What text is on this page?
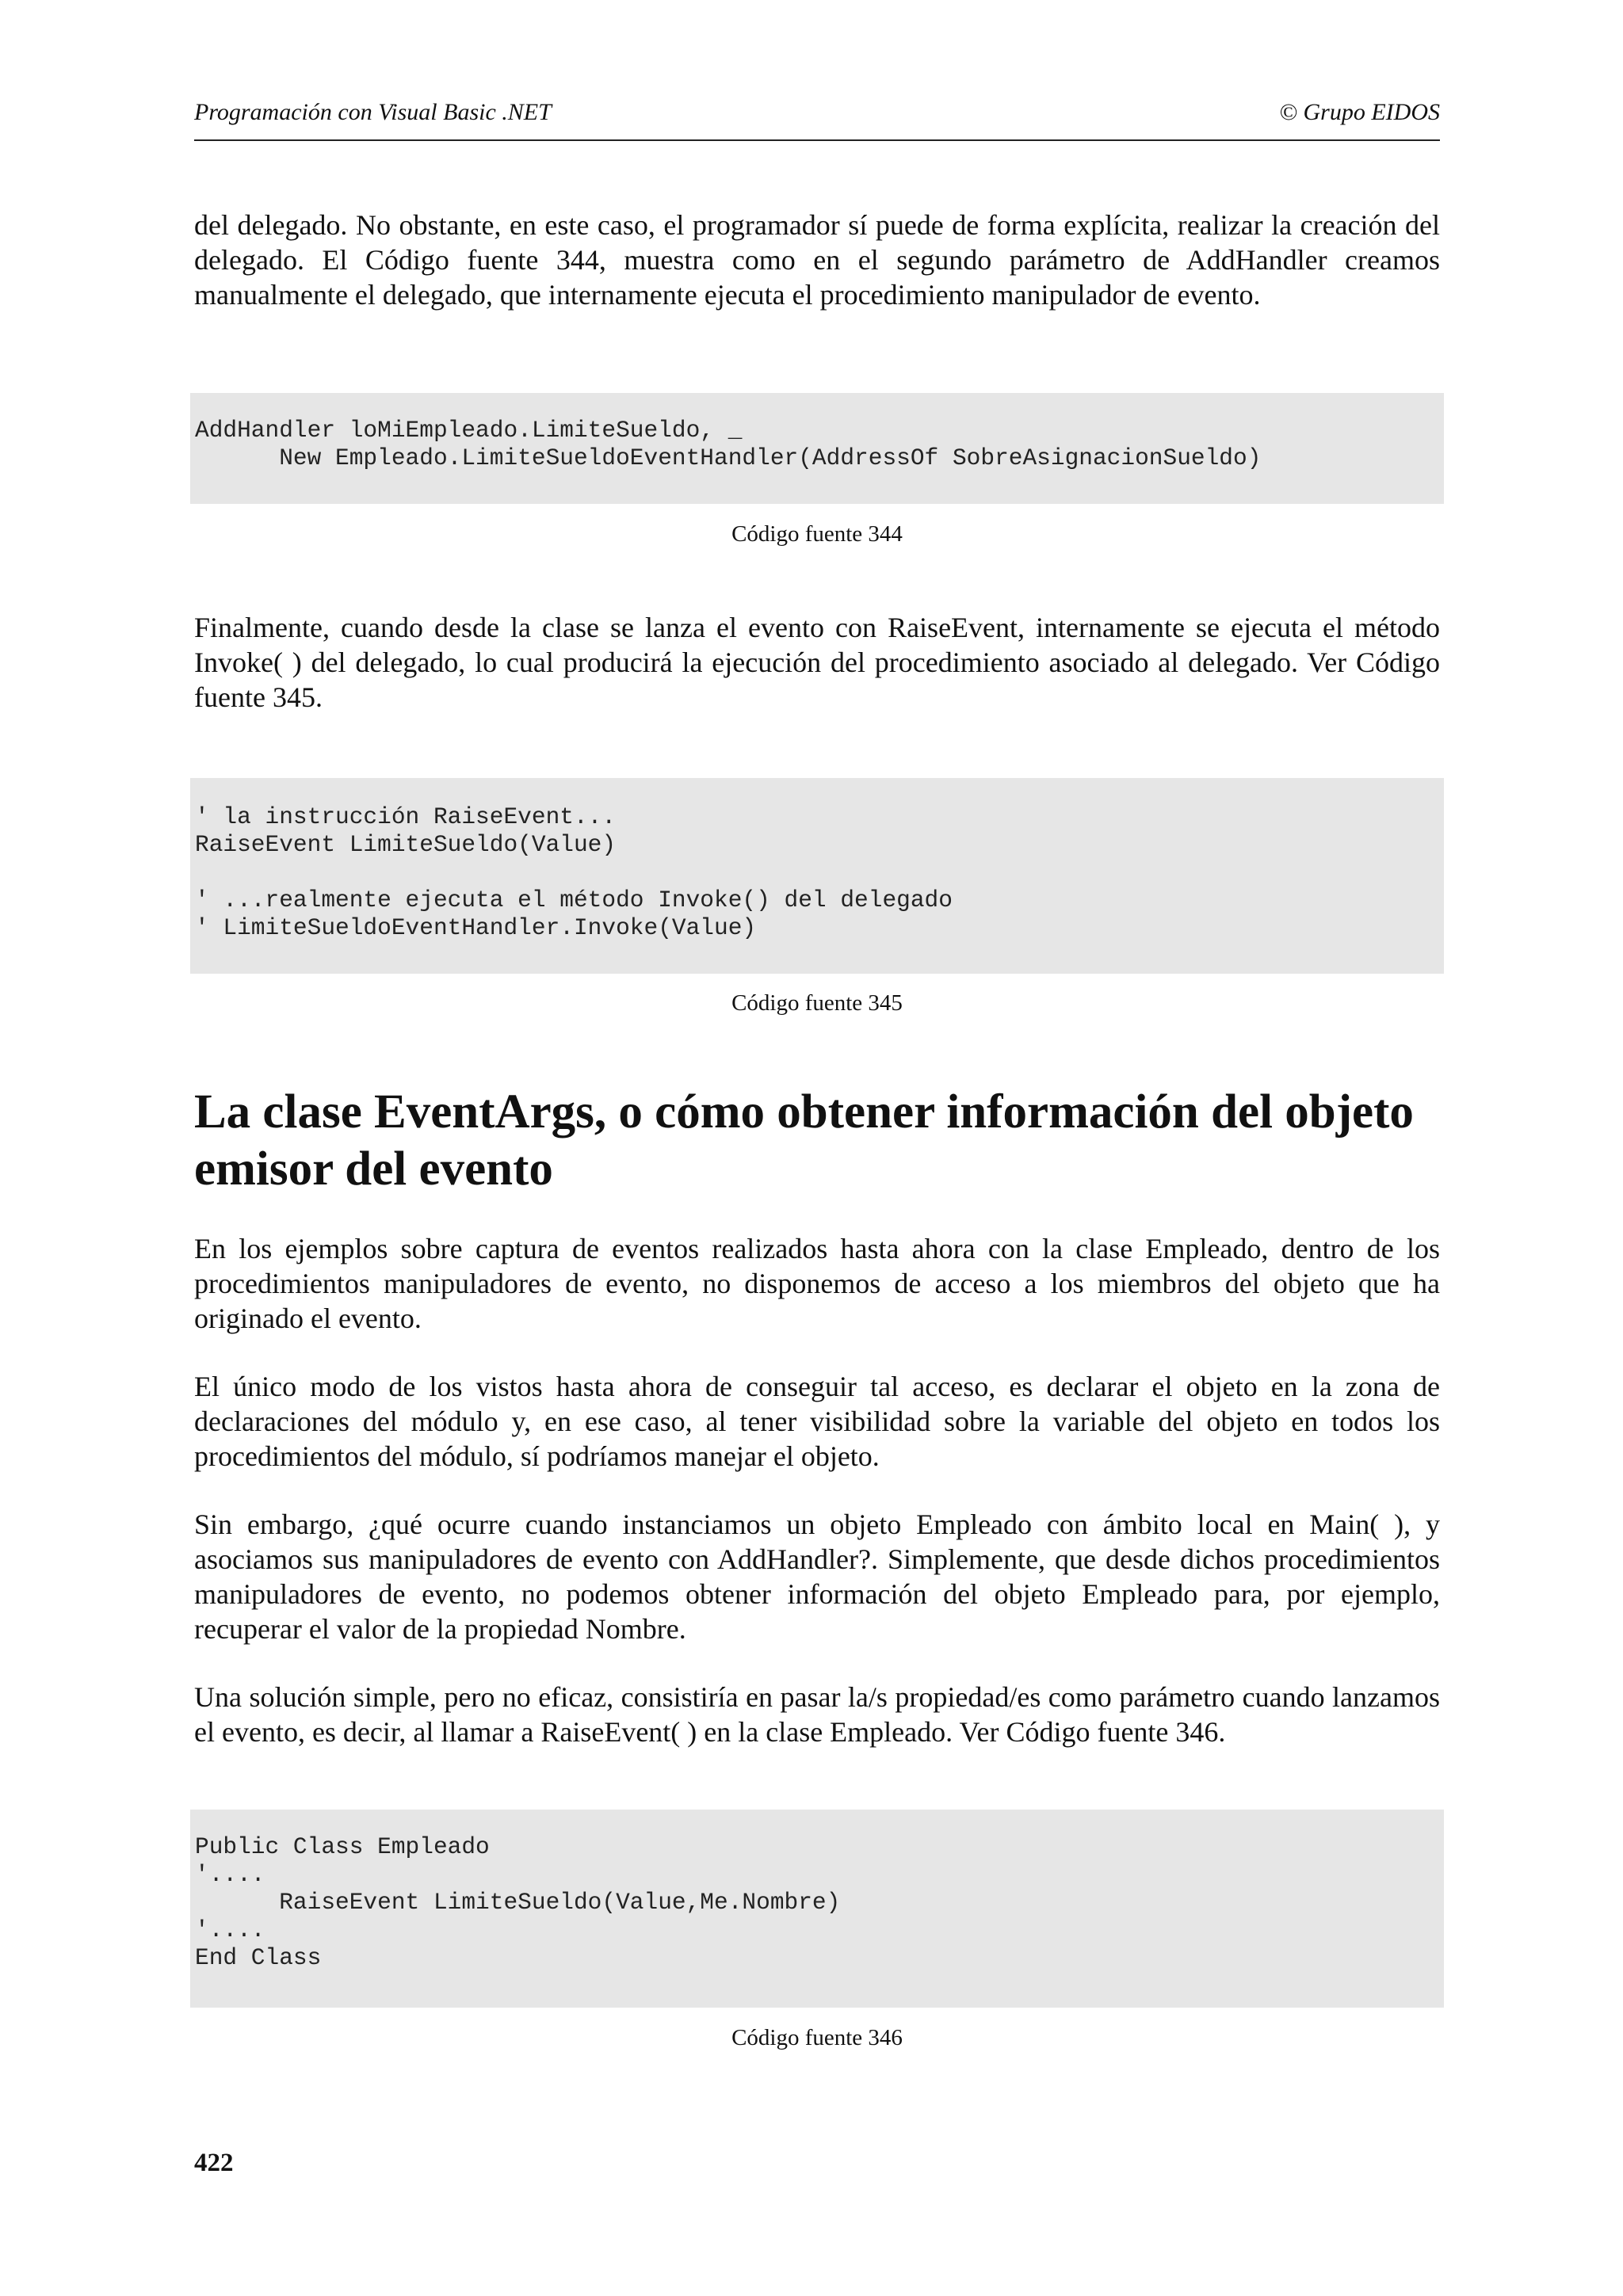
Programación con Visual Basic .NET	© Grupo EIDOS

del delegado. No obstante, en este caso, el programador sí puede de forma explícita, realizar la creación del delegado. El Código fuente 344, muestra como en el segundo parámetro de AddHandler creamos manualmente el delegado, que internamente ejecuta el procedimiento manipulador de evento.

AddHandler loMiEmpleado.LimiteSueldo, _
New Empleado.LimiteSueldoEventHandler(AddressOf SobreAsignacionSueldo)
Código fuente 344

Finalmente, cuando desde la clase se lanza el evento con RaiseEvent, internamente se ejecuta el método Invoke( ) del delegado, lo cual producirá la ejecución del procedimiento asociado al delegado. Ver Código fuente 345.

' la instrucción RaiseEvent...
RaiseEvent LimiteSueldo(Value)

' ...realmente ejecuta el método Invoke() del delegado
' LimiteSueldoEventHandler.Invoke(Value)
Código fuente 345
La clase EventArgs, o cómo obtener información del objeto emisor del evento

En los ejemplos sobre captura de eventos realizados hasta ahora con la clase Empleado, dentro de los procedimientos manipuladores de evento, no disponemos de acceso a los miembros del objeto que ha originado el evento.

El único modo de los vistos hasta ahora de conseguir tal acceso, es declarar el objeto en la zona de declaraciones del módulo y, en ese caso, al tener visibilidad sobre la variable del objeto en todos los procedimientos del módulo, sí podríamos manejar el objeto.

Sin embargo, ¿qué ocurre cuando instanciamos un objeto Empleado con ámbito local en Main( ), y asociamos sus manipuladores de evento con AddHandler?. Simplemente, que desde dichos procedimientos manipuladores de evento, no podemos obtener información del objeto Empleado para, por ejemplo, recuperar el valor de la propiedad Nombre.

Una solución simple, pero no eficaz, consistiría en pasar la/s propiedad/es como parámetro cuando lanzamos el evento, es decir, al llamar a RaiseEvent( ) en la clase Empleado. Ver Código fuente 346.

Public Class Empleado
'....
RaiseEvent LimiteSueldo(Value,Me.Nombre)
'....
End Class
Código fuente 346
422
